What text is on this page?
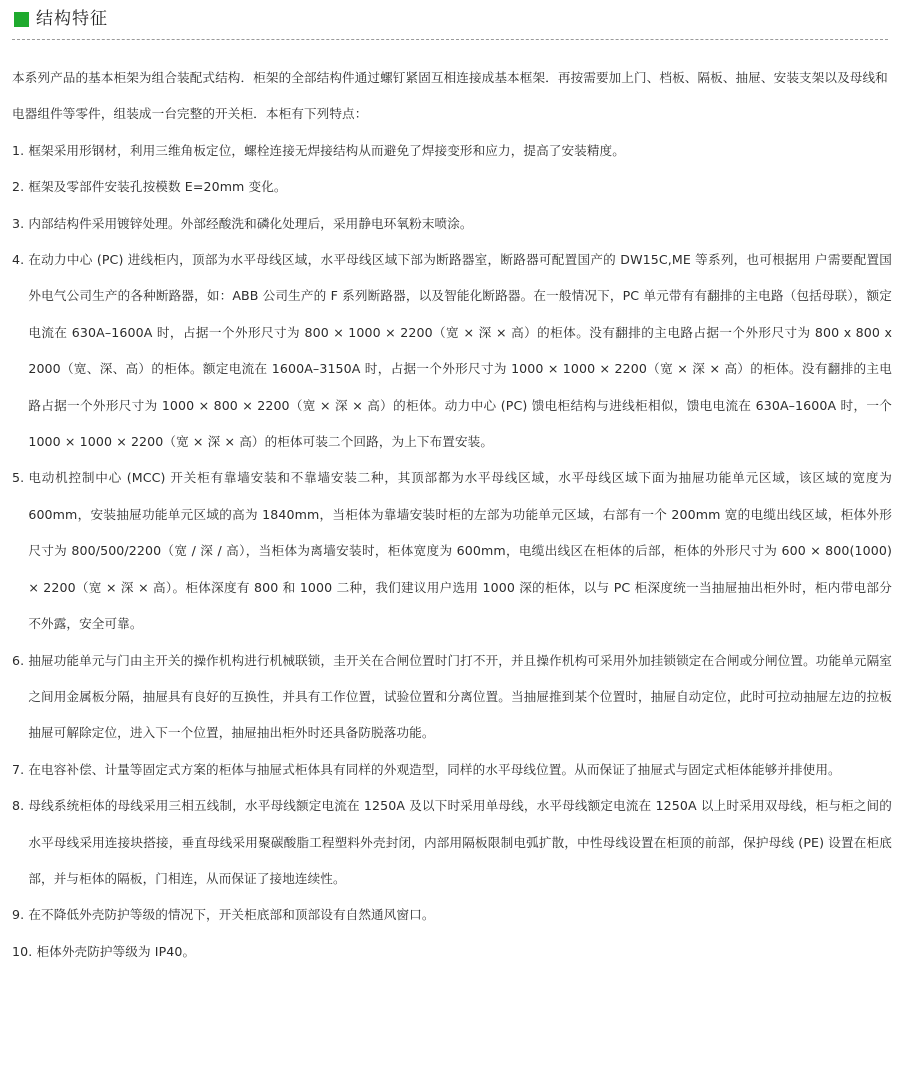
结构特征

本系列产品的基本柜架为组合装配式结构．柜架的全部结构件通过螺钉紧固互相连接成基本框架．再按需要加上门、档板、隔板、抽屉、安装支架以及母线和电器组件等零件，组装成一台完整的开关柜．本柜有下列特点：

1.
框架采用形钢材，利用三维角板定位，螺栓连接无焊接结构从而避免了焊接变形和应力，提高了安装精度。
2.
框架及零部件安装孔按模数 E=20mm 变化。
3.
内部结构件采用镀锌处理。外部经酸洗和磷化处理后，采用静电环氧粉末喷涂。
4.
在动力中心 (PC) 进线柜内，顶部为水平母线区域，水平母线区域下部为断路器室，断路器可配置国产的 DW15C,ME 等系列，也可根据用 户需要配置国外电气公司生产的各种断路器，如：ABB 公司生产的 F 系列断路器，以及智能化断路器。在一般情况下，PC 单元带有有翻排的主电路（包括母联），额定电流在 630A–1600A 时，占据一个外形尺寸为 800 × 1000 × 2200（宽 × 深 × 高）的柜体。没有翻排的主电路占据一个外形尺寸为 800 x 800 x 2000（宽、深、高）的柜体。额定电流在 1600A–3150A 时，占据一个外形尺寸为 1000 × 1000 × 2200（宽 × 深 × 高）的柜体。没有翻排的主电路占据一个外形尺寸为 1000 × 800 × 2200（宽 × 深 × 高）的柜体。动力中心 (PC) 馈电柜结构与进线柜相似，馈电电流在 630A–1600A 时，一个 1000 × 1000 × 2200（宽 × 深 × 高）的柜体可装二个回路，为上下布置安装。
5.
电动机控制中心 (MCC) 开关柜有靠墙安装和不靠墙安装二种，其顶部都为水平母线区域，水平母线区域下面为抽屉功能单元区域，该区域的宽度为 600mm，安装抽屉功能单元区域的高为 1840mm，当柜体为靠墙安装时柜的左部为功能单元区域，右部有一个 200mm 宽的电缆出线区域，柜体外形尺寸为 800/500/2200（宽 / 深 / 高），当柜体为离墙安装时，柜体宽度为 600mm，电缆出线区在柜体的后部，柜体的外形尺寸为 600 × 800(1000) × 2200（宽 × 深 × 高）。柜体深度有 800 和 1000 二种，我们建议用户选用 1000 深的柜体，以与 PC 柜深度统一当抽屉抽出柜外时，柜内带电部分不外露，安全可靠。
6.
抽屉功能单元与门由主开关的操作机构进行机械联锁，圭开关在合闸位置时门打不开，并且操作机构可采用外加挂锁锁定在合闸或分闸位置。功能单元隔室之间用金属板分隔，抽屉具有良好的互换性，并具有工作位置，试验位置和分离位置。当抽屉推到某个位置时，抽屉自动定位，此时可拉动抽屉左边的拉板抽屉可解除定位，进入下一个位置，抽屉抽出柜外时还具备防脱落功能。
7.
在电容补偿、计量等固定式方案的柜体与抽屉式柜体具有同样的外观造型，同样的水平母线位置。从而保证了抽屉式与固定式柜体能够并排使用。
8.
母线系统柜体的母线采用三相五线制，水平母线额定电流在 1250A 及以下时采用单母线，水平母线额定电流在 1250A 以上时采用双母线，柜与柜之间的水平母线采用连接块搭接，垂直母线采用聚碳酸脂工程塑料外壳封闭，内部用隔板限制电弧扩散，中性母线设置在柜顶的前部，保护母线 (PE) 设置在柜底部，并与柜体的隔板，门相连，从而保证了接地连续性。
9.
在不降低外壳防护等级的情况下，开关柜底部和顶部设有自然通风窗口。
10.
柜体外壳防护等级为 IP40。
